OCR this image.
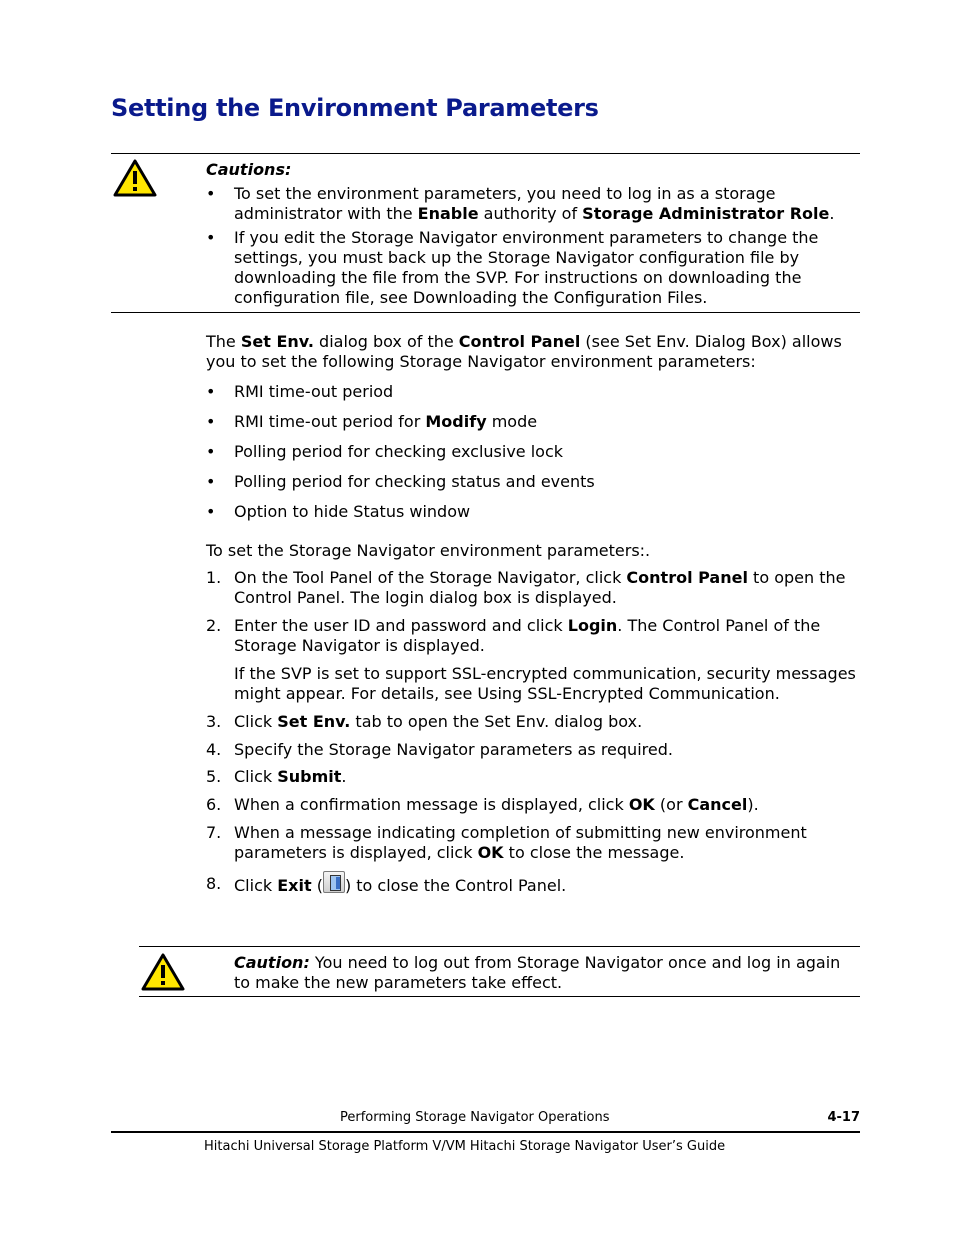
Setting the Environment Parameters
Cautions:
• To set the environment parameters, you need to log in as a storage administrator with the Enable authority of Storage Administrator Role.
• If you edit the Storage Navigator environment parameters to change the settings, you must back up the Storage Navigator configuration file by downloading the file from the SVP. For instructions on downloading the configuration file, see Downloading the Configuration Files.
The Set Env. dialog box of the Control Panel (see Set Env. Dialog Box) allows you to set the following Storage Navigator environment parameters:
• RMI time-out period
• RMI time-out period for Modify mode
• Polling period for checking exclusive lock
• Polling period for checking status and events
• Option to hide Status window
To set the Storage Navigator environment parameters:.
1. On the Tool Panel of the Storage Navigator, click Control Panel to open the Control Panel. The login dialog box is displayed.
2. Enter the user ID and password and click Login. The Control Panel of the Storage Navigator is displayed.
If the SVP is set to support SSL-encrypted communication, security messages might appear. For details, see Using SSL-Encrypted Communication.
3. Click Set Env. tab to open the Set Env. dialog box.
4. Specify the Storage Navigator parameters as required.
5. Click Submit.
6. When a confirmation message is displayed, click OK (or Cancel).
7. When a message indicating completion of submitting new environment parameters is displayed, click OK to close the message.
8. Click Exit ( ) to close the Control Panel.
Caution: You need to log out from Storage Navigator once and log in again to make the new parameters take effect.
Performing Storage Navigator Operations	4-17
Hitachi Universal Storage Platform V/VM Hitachi Storage Navigator User’s Guide
